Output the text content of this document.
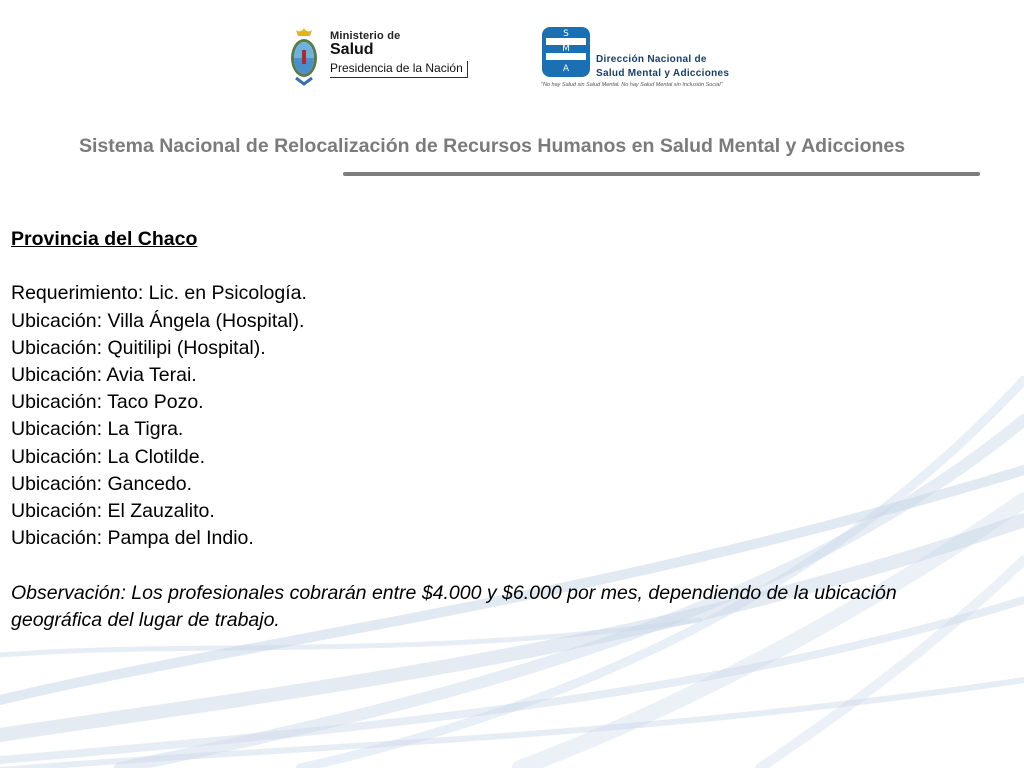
Ministerio de
Salud
Presidencia de la Nación
S
M
A
Dirección Nacional de
Salud Mental y Adicciones
"No hay Salud sin Salud Mental. No hay Salud Mental sin Inclusión Social"
Sistema Nacional de Relocalización de Recursos Humanos en Salud Mental y Adicciones
Provincia del Chaco
Requerimiento: Lic. en Psicología.
Ubicación: Villa Ángela (Hospital).
Ubicación: Quitilipi (Hospital).
Ubicación: Avia Terai.
Ubicación: Taco Pozo.
Ubicación: La Tigra.
Ubicación: La Clotilde.
Ubicación: Gancedo.
Ubicación: El Zauzalito.
Ubicación: Pampa del Indio.
Observación: Los profesionales cobrarán entre $4.000 y $6.000 por mes, dependiendo de la ubicación geográfica del lugar de trabajo.
